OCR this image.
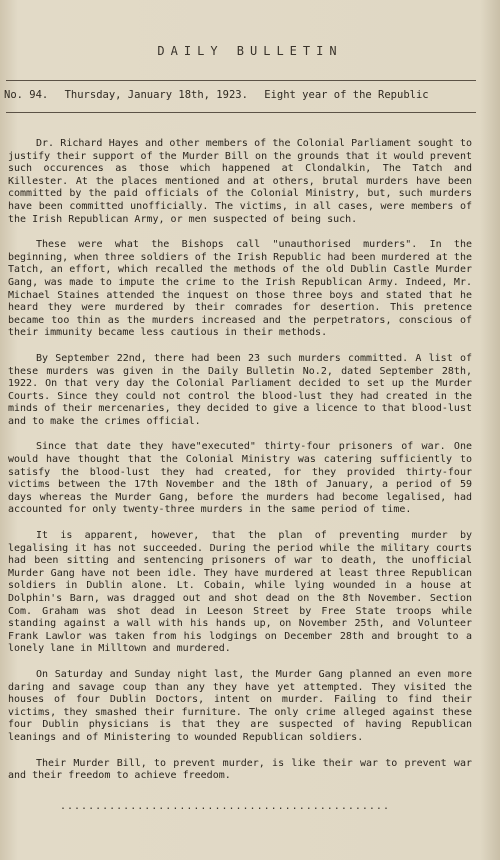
DAILY BULLETIN
No. 94. Thursday, January 18th, 1923. Eight year of the Republic

Dr. Richard Hayes and other members of the Colonial Parliament sought to justify their support of the Murder Bill on the grounds that it would prevent such occurences as those which happened at Clondalkin, The Tatch and Killester. At the places mentioned and at others, brutal murders have been committed by the paid officials of the Colonial Ministry, but, such murders have been committed unofficially. The victims, in all cases, were members of the Irish Republican Army, or men suspected of being such.

These were what the Bishops call "unauthorised murders". In the beginning, when three soldiers of the Irish Republic had been murdered at the Tatch, an effort, which recalled the methods of the old Dublin Castle Murder Gang, was made to impute the crime to the Irish Republican Army. Indeed, Mr. Michael Staines attended the inquest on those three boys and stated that he heard they were murdered by their comrades for desertion. This pretence became too thin as the murders increased and the perpetrators, conscious of their immunity became less cautious in their methods.

By September 22nd, there had been 23 such murders committed. A list of these murders was given in the Daily Bulletin No.2, dated September 28th, 1922. On that very day the Colonial Parliament decided to set up the Murder Courts. Since they could not control the blood-lust they had created in the minds of their mercenaries, they decided to give a licence to that blood-lust and to make the crimes official.

Since that date they have"executed" thirty-four prisoners of war. One would have thought that the Colonial Ministry was catering sufficiently to satisfy the blood-lust they had created, for they provided thirty-four victims between the 17th November and the 18th of January, a period of 59 days whereas the Murder Gang, before the murders had become legalised, had accounted for only twenty-three murders in the same period of time.

It is apparent, however, that the plan of preventing murder by legalising it has not succeeded. During the period while the military courts had been sitting and sentencing prisoners of war to death, the unofficial Murder Gang have not been idle. They have murdered at least three Republican soldiers in Dublin alone. Lt. Cobain, while lying wounded in a house at Dolphin's Barn, was dragged out and shot dead on the 8th November. Section Com. Graham was shot dead in Leeson Street by Free State troops while standing against a wall with his hands up, on November 25th, and Volunteer Frank Lawlor was taken from his lodgings on December 28th and brought to a lonely lane in Milltown and murdered.

On Saturday and Sunday night last, the Murder Gang planned an even more daring and savage coup than any they have yet attempted. They visited the houses of four Dublin Doctors, intent on murder. Failing to find their victims, they smashed their furniture. The only crime alleged against these four Dublin physicians is that they are suspected of having Republican leanings and of Ministering to wounded Republican soldiers.

Their Murder Bill, to prevent murder, is like their war to prevent war and their freedom to achieve freedom.

...............................................
